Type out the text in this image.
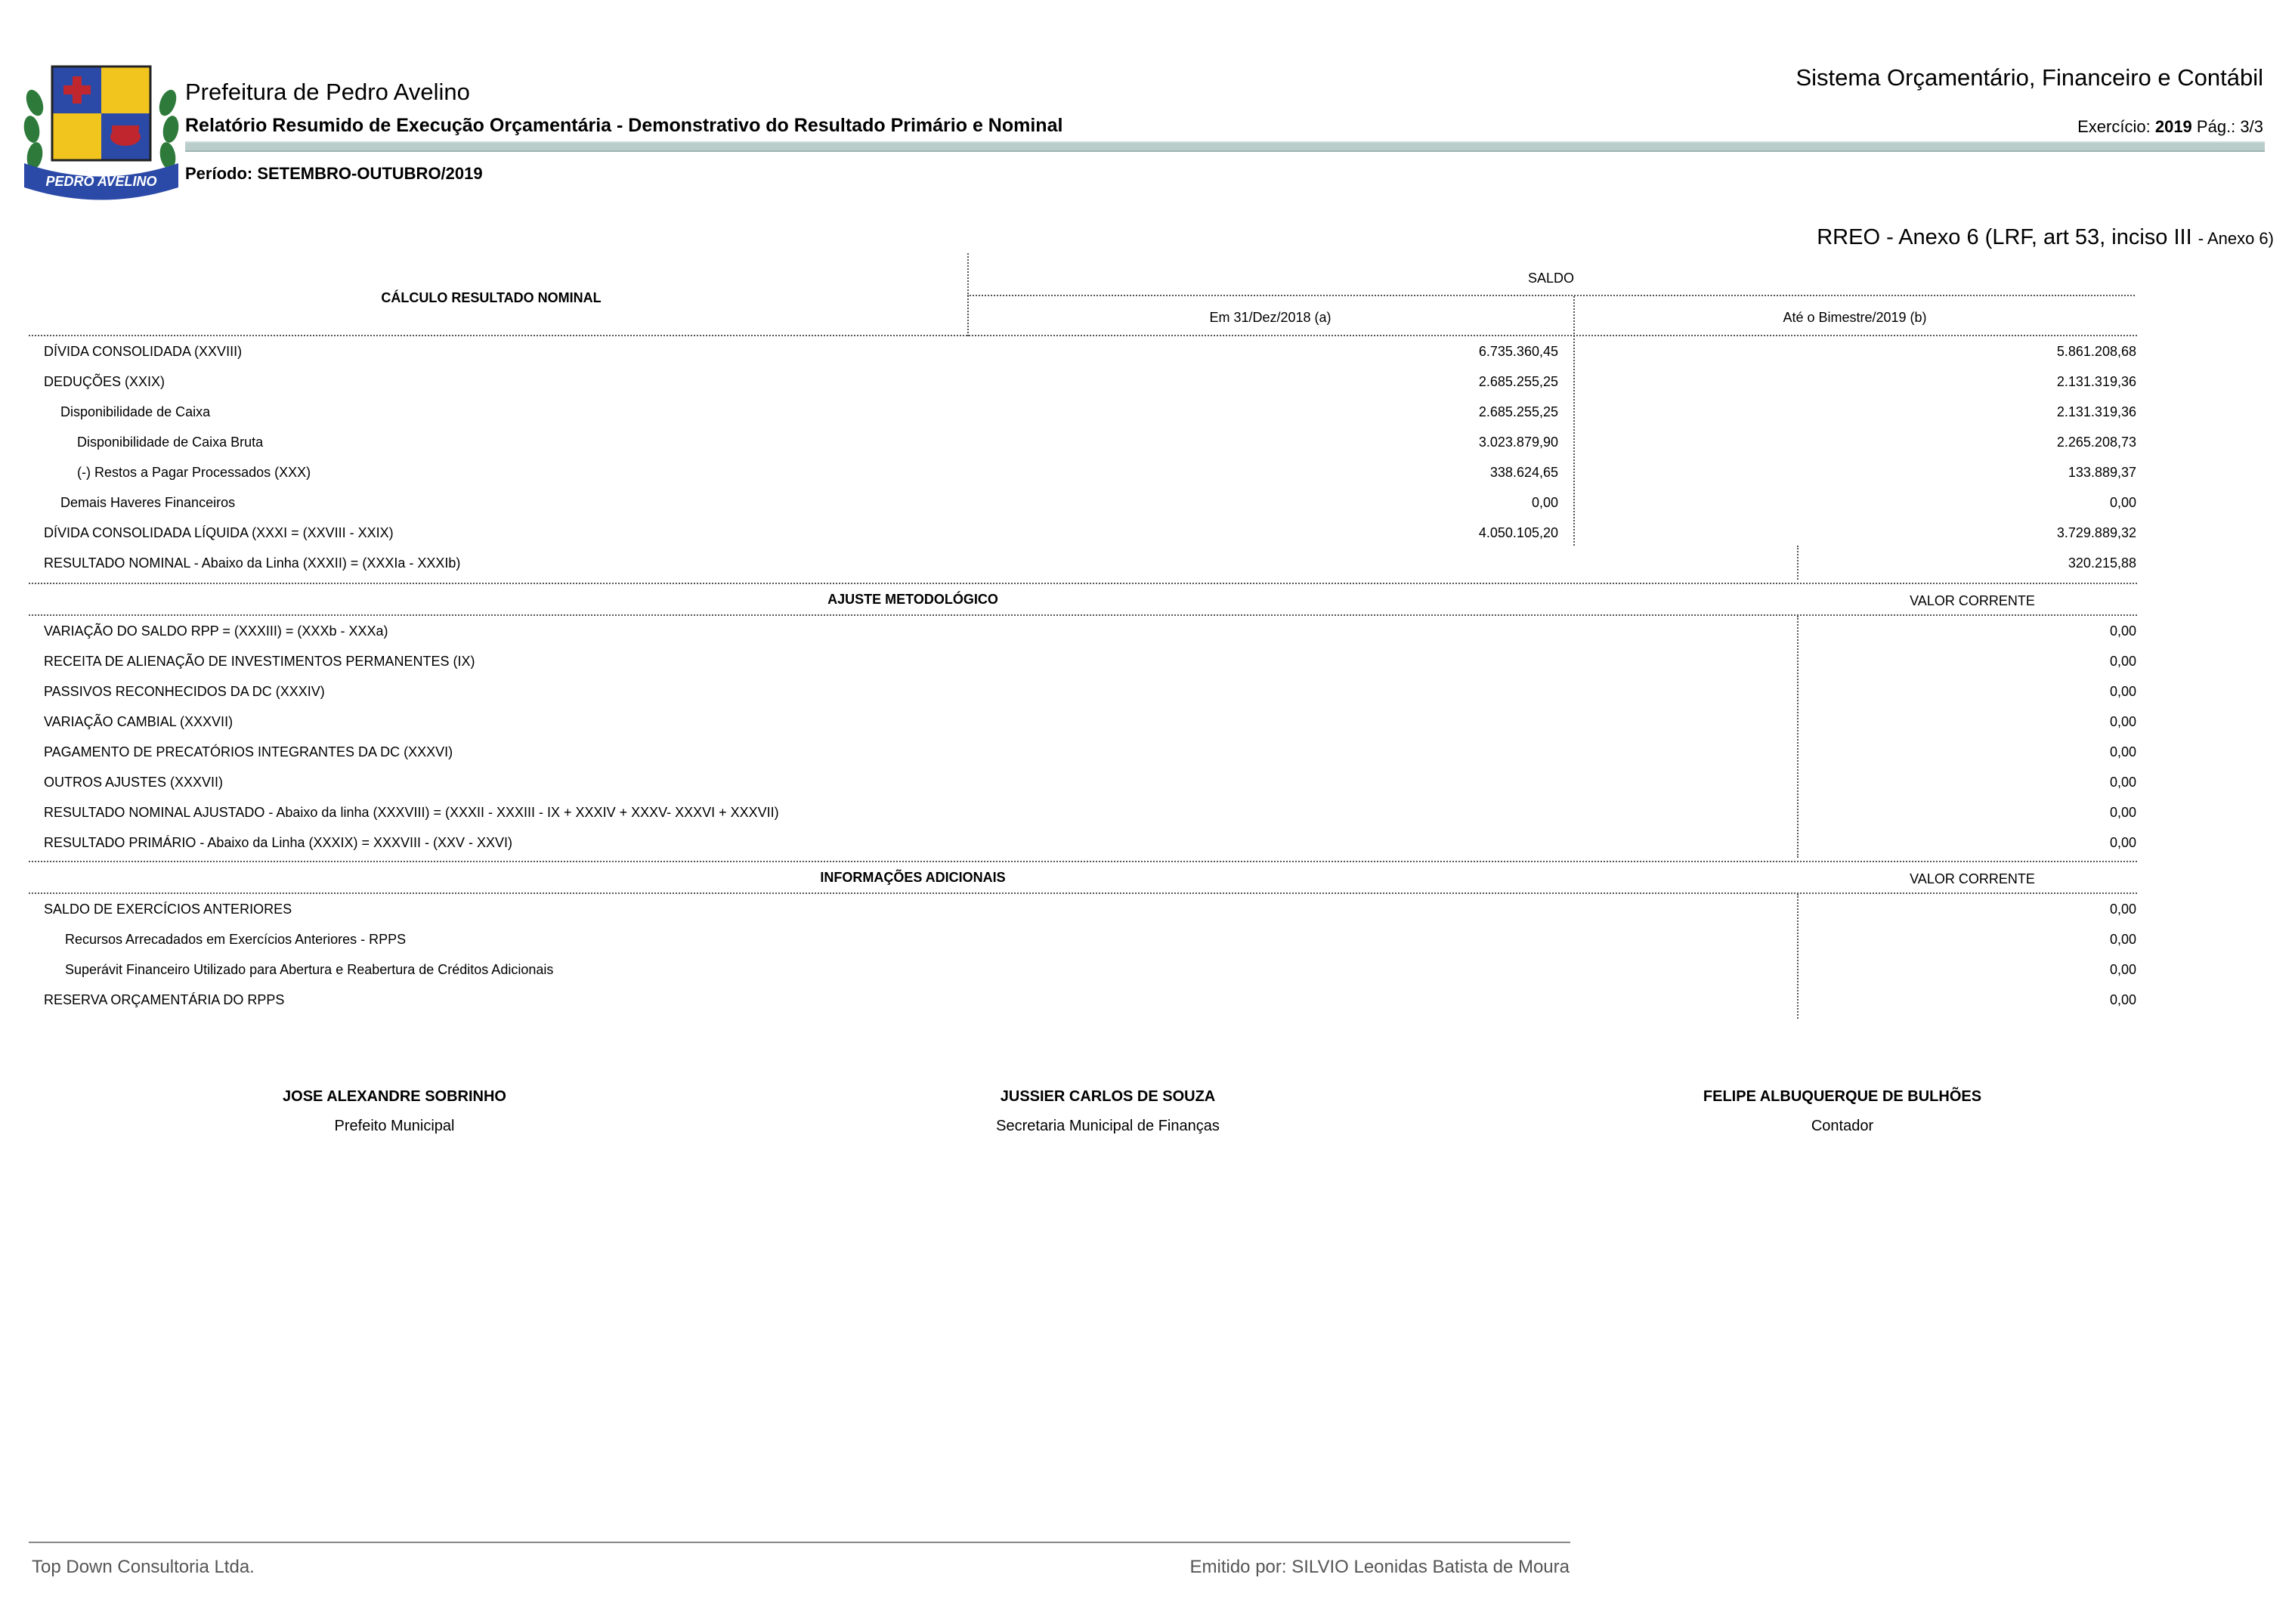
PEDRO AVELINO
Prefeitura de Pedro Avelino
Relatório Resumido de Execução Orçamentária - Demonstrativo do Resultado Primário e Nominal
Sistema Orçamentário, Financeiro e Contábil
Exercício: 2019 Pág.: 3/3
Período: SETEMBRO-OUTUBRO/2019
RREO - Anexo 6 (LRF, art 53, inciso III - Anexo 6)
CÁLCULO RESULTADO NOMINAL
SALDO
Em 31/Dez/2018 (a)	Até o Bimestre/2019 (b)
DÍVIDA CONSOLIDADA (XXVIII)	6.735.360,45	5.861.208,68
DEDUÇÕES (XXIX)	2.685.255,25	2.131.319,36
Disponibilidade de Caixa	2.685.255,25	2.131.319,36
Disponibilidade de Caixa Bruta	3.023.879,90	2.265.208,73
(-) Restos a Pagar Processados (XXX)	338.624,65	133.889,37
Demais Haveres Financeiros	0,00	0,00
DÍVIDA CONSOLIDADA LÍQUIDA (XXXI = (XXVIII - XXIX)	4.050.105,20	3.729.889,32
RESULTADO NOMINAL - Abaixo da Linha (XXXII) = (XXXIa - XXXIb)	320.215,88
AJUSTE METODOLÓGICO	VALOR CORRENTE
VARIAÇÃO DO SALDO RPP = (XXXIII) = (XXXb - XXXa)	0,00
RECEITA DE ALIENAÇÃO DE INVESTIMENTOS PERMANENTES (IX)	0,00
PASSIVOS RECONHECIDOS DA DC (XXXIV)	0,00
VARIAÇÃO CAMBIAL (XXXVII)	0,00
PAGAMENTO DE PRECATÓRIOS INTEGRANTES DA DC (XXXVI)	0,00
OUTROS AJUSTES (XXXVII)	0,00
RESULTADO NOMINAL AJUSTADO - Abaixo da linha (XXXVIII) = (XXXII - XXXIII - IX + XXXIV + XXXV- XXXVI + XXXVII)	0,00
RESULTADO PRIMÁRIO - Abaixo da Linha (XXXIX) = XXXVIII - (XXV - XXVI)	0,00
INFORMAÇÕES ADICIONAIS	VALOR CORRENTE
SALDO DE EXERCÍCIOS ANTERIORES	0,00
Recursos Arrecadados em Exercícios Anteriores - RPPS	0,00
Superávit Financeiro Utilizado para Abertura e Reabertura de Créditos Adicionais	0,00
RESERVA ORÇAMENTÁRIA DO RPPS	0,00
JOSE ALEXANDRE SOBRINHO
Prefeito Municipal
JUSSIER CARLOS DE SOUZA
Secretaria Municipal de Finanças
FELIPE ALBUQUERQUE DE BULHÕES
Contador
Top Down Consultoria Ltda.	Emitido por: SILVIO Leonidas Batista de Moura
